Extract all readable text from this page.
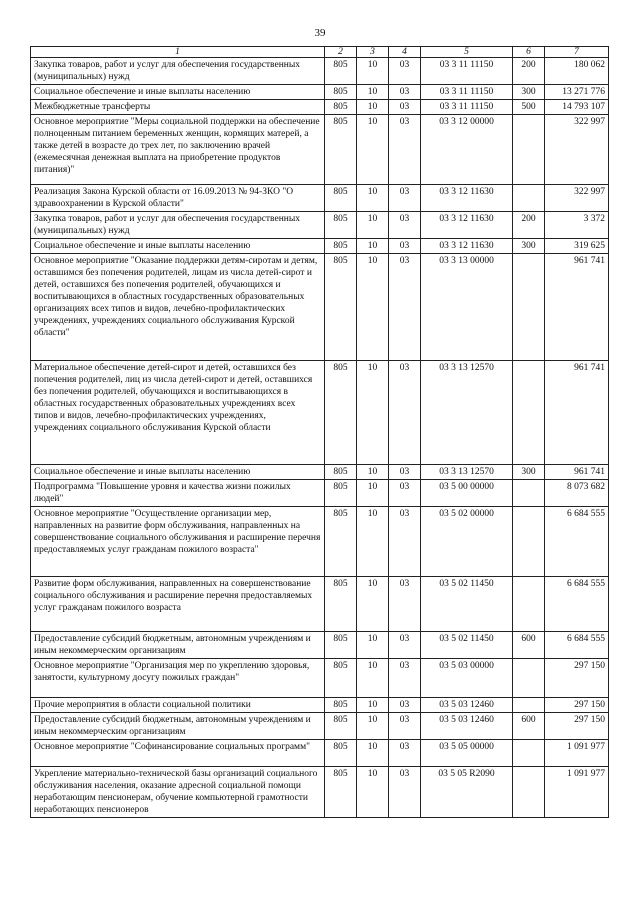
39
1	2	3	4	5	6	7
Закупка товаров, работ и услуг для обеспечения государственных (муниципальных) нужд	805	10	03	03 3 11 11150	200	180 062
Социальное обеспечение и иные выплаты населению	805	10	03	03 3 11 11150	300	13 271 776
Межбюджетные трансферты	805	10	03	03 3 11 11150	500	14 793 107
Основное мероприятие "Меры социальной поддержки на обеспечение полноценным питанием беременных женщин, кормящих матерей, а также детей в возрасте до трех лет, по заключению врачей (ежемесячная денежная выплата на приобретение продуктов питания)"	805	10	03	03 3 12 00000		322 997
Реализация Закона Курской области от 16.09.2013 № 94-ЗКО "О здравоохранении в Курской области"	805	10	03	03 3 12 11630		322 997
Закупка товаров, работ и услуг для обеспечения государственных (муниципальных) нужд	805	10	03	03 3 12 11630	200	3 372
Социальное обеспечение и иные выплаты населению	805	10	03	03 3 12 11630	300	319 625
Основное мероприятие "Оказание поддержки детям-сиротам и детям, оставшимся без попечения родителей, лицам из числа детей-сирот и детей, оставшихся без попечения родителей, обучающихся и воспитывающихся в областных государственных образовательных организациях всех типов и видов, лечебно-профилактических учреждениях, учреждениях социального обслуживания Курской области"	805	10	03	03 3 13 00000		961 741
Материальное обеспечение детей-сирот и детей, оставшихся без попечения родителей, лиц из числа детей-сирот и детей, оставшихся без попечения родителей, обучающихся и воспитывающихся в областных государственных образовательных учреждениях всех типов и видов, лечебно-профилактических учреждениях, учреждениях социального обслуживания Курской области	805	10	03	03 3 13 12570		961 741
Социальное обеспечение и иные выплаты населению	805	10	03	03 3 13 12570	300	961 741
Подпрограмма "Повышение уровня и качества жизни пожилых людей"	805	10	03	03 5 00 00000		8 073 682
Основное мероприятие "Осуществление организации мер, направленных на развитие форм обслуживания, направленных на совершенствование социального обслуживания и расширение перечня предоставляемых услуг гражданам пожилого возраста"	805	10	03	03 5 02 00000		6 684 555
Развитие форм обслуживания, направленных на совершенствование социального обслуживания и расширение перечня предоставляемых услуг гражданам пожилого возраста	805	10	03	03 5 02 11450		6 684 555
Предоставление субсидий бюджетным, автономным учреждениям и иным некоммерческим организациям	805	10	03	03 5 02 11450	600	6 684 555
Основное мероприятие "Организация мер по укреплению здоровья, занятости, культурному досугу пожилых граждан"	805	10	03	03 5 03 00000		297 150
Прочие мероприятия в области социальной политики	805	10	03	03 5 03 12460		297 150
Предоставление субсидий бюджетным, автономным учреждениям и иным некоммерческим организациям	805	10	03	03 5 03 12460	600	297 150
Основное мероприятие "Софинансирование социальных программ"	805	10	03	03 5 05 00000		1 091 977
Укрепление материально-технической базы организаций социального обслуживания населения, оказание адресной социальной помощи неработающим пенсионерам, обучение компьютерной грамотности неработающих пенсионеров	805	10	03	03 5 05 R2090		1 091 977
